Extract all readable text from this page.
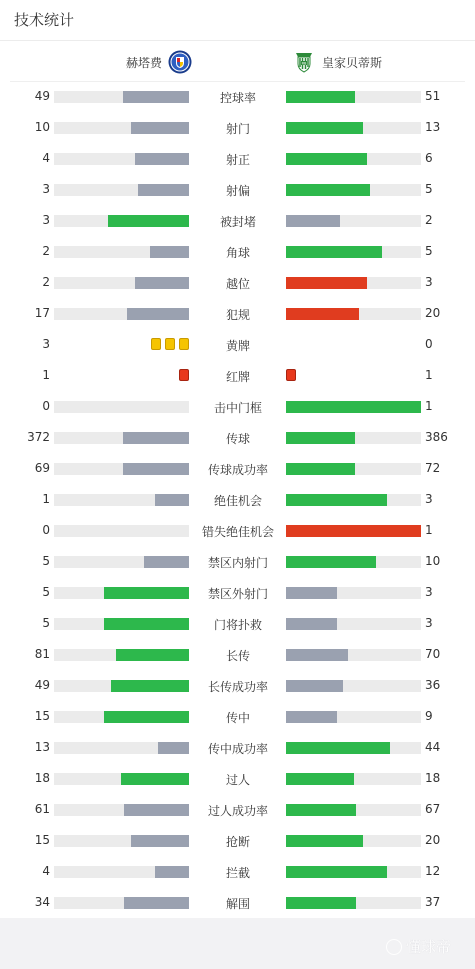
技术统计
赫塔费	RB 皇家贝蒂斯
49	控球率	51
10	射门	13
4	射正	6
3	射偏	5
3	被封堵	2
2	角球	5
2	越位	3
17	犯规	20
3	黄牌	0
1	红牌	1
0	击中门框	1
372	传球	386
69	传球成功率	72
1	绝佳机会	3
0	错失绝佳机会	1
5	禁区内射门	10
5	禁区外射门	3
5	门将扑救	3
81	长传	70
49	长传成功率	36
15	传中	9
13	传中成功率	44
18	过人	18
61	过人成功率	67
15	抢断	20
4	拦截	12
34	解围	37
懂球帝
